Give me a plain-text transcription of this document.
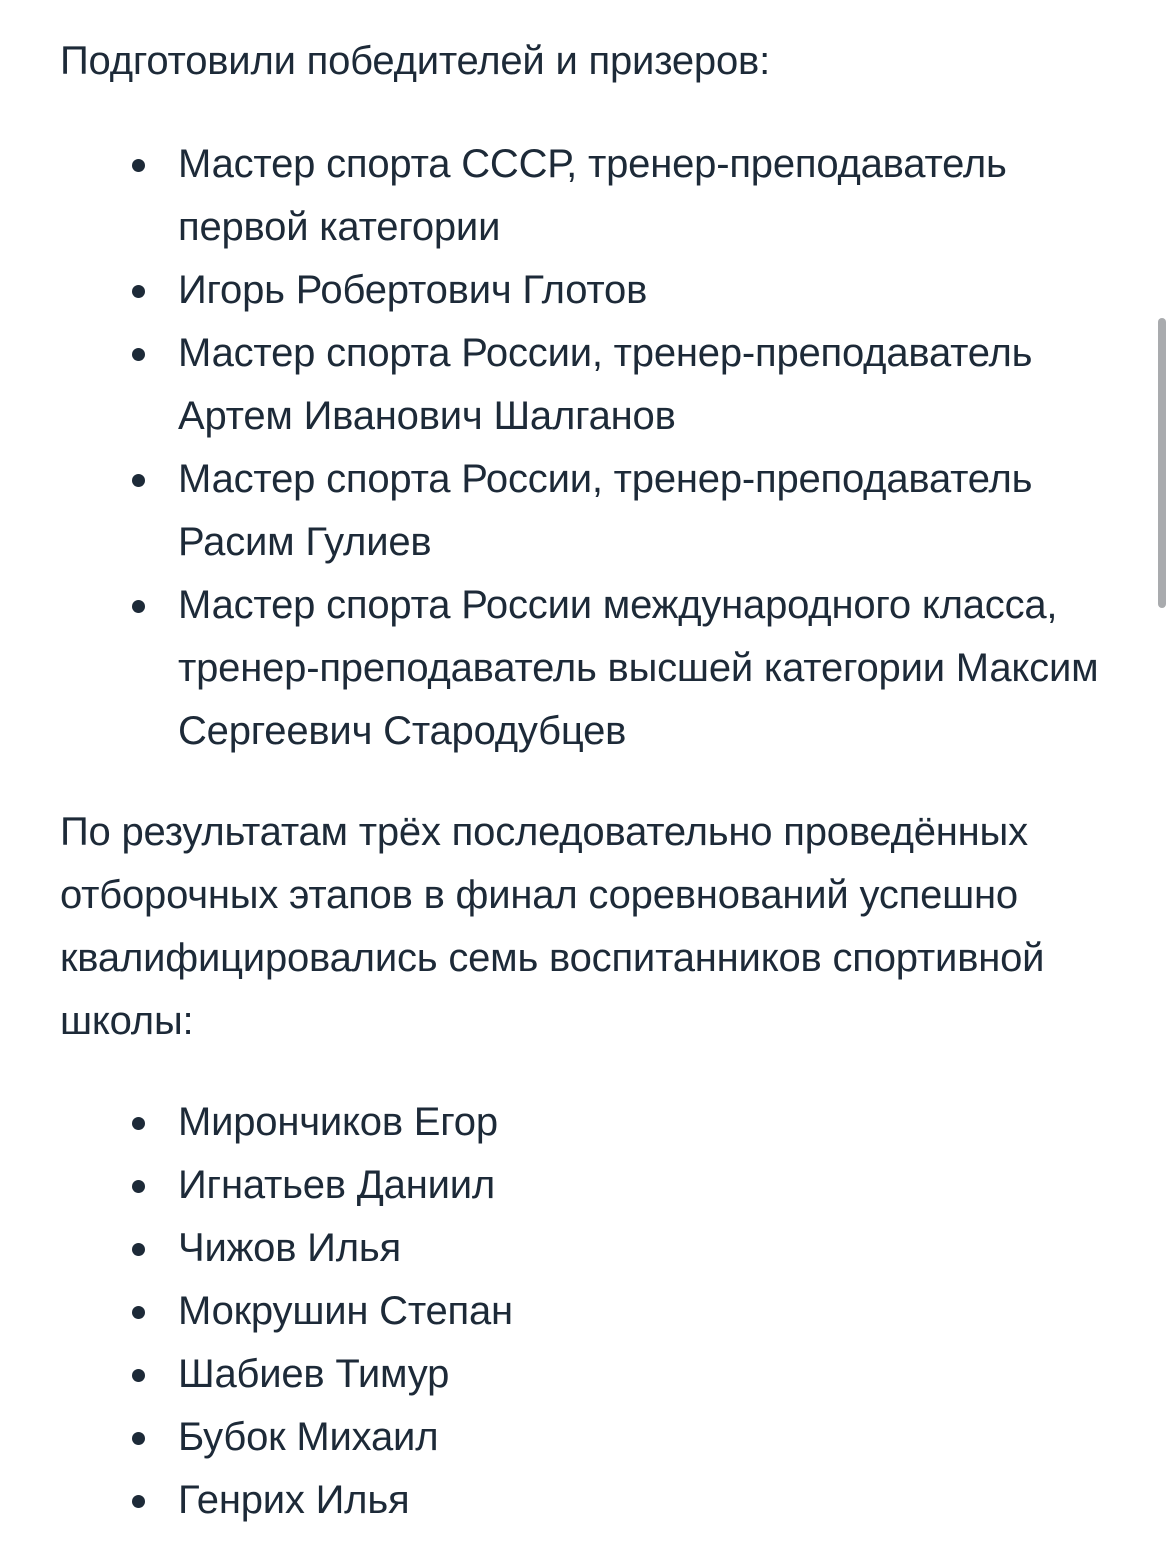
Подготовили победителей и призеров:

Мастер спорта СССР, тренер-преподаватель первой категории
Игорь Робертович Глотов
Мастер спорта России, тренер-преподаватель Артем Иванович Шалганов
Мастер спорта России, тренер-преподаватель Расим Гулиев
Мастер спорта России международного класса, тренер-преподаватель высшей категории Максим Сергеевич Стародубцев

По результатам трёх последовательно проведённых отборочных этапов в финал соревнований успешно квалифицировались семь воспитанников спортивной школы:

Мирончиков Егор
Игнатьев Даниил
Чижов Илья
Мокрушин Степан
Шабиев Тимур
Бубок Михаил
Генрих Илья
